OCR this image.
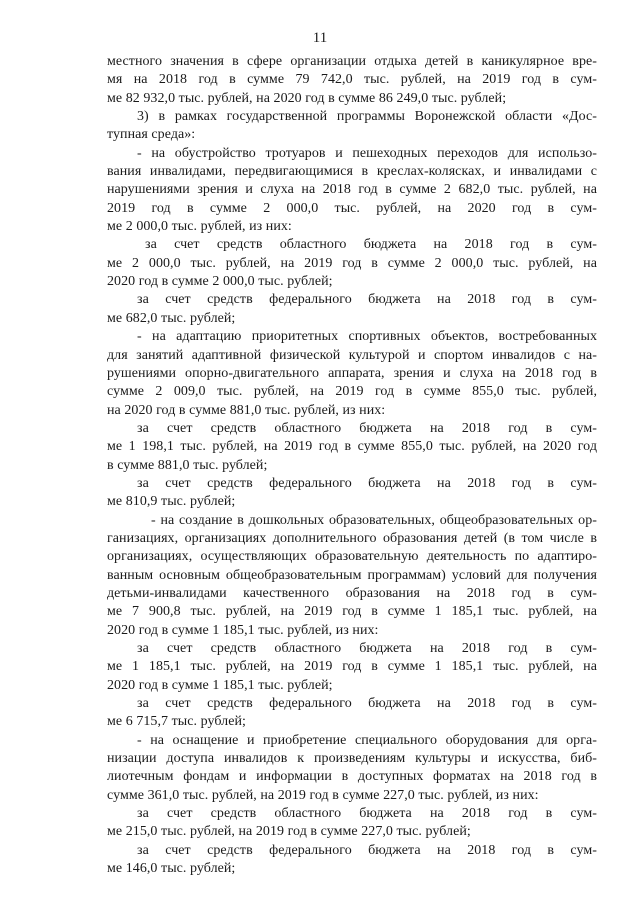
11

местного значения в сфере организации отдыха детей в каникулярное вре-
мя на 2018 год в сумме 79 742,0 тыс. рублей, на 2019 год в сум-
ме 82 932,0 тыс. рублей, на 2020 год в сумме 86 249,0 тыс. рублей;

3) в рамках государственной программы Воронежской области «Дос-
тупная среда»:

- на обустройство тротуаров и пешеходных переходов для использо-
вания инвалидами, передвигающимися в креслах-колясках, и инвалидами с
нарушениями зрения и слуха на 2018 год в сумме 2 682,0 тыс. рублей, на
2019 год в сумме 2 000,0 тыс. рублей, на 2020 год в сум-
ме 2 000,0 тыс. рублей, из них:

за счет средств областного бюджета на 2018 год в сум-
ме 2 000,0 тыс. рублей, на 2019 год в сумме 2 000,0 тыс. рублей, на
2020 год в сумме 2 000,0 тыс. рублей;

за счет средств федерального бюджета на 2018 год в сум-
ме 682,0 тыс. рублей;

- на адаптацию приоритетных спортивных объектов, востребованных
для занятий адаптивной физической культурой и спортом инвалидов с на-
рушениями опорно-двигательного аппарата, зрения и слуха на 2018 год в
сумме 2 009,0 тыс. рублей, на 2019 год в сумме 855,0 тыс. рублей,
на 2020 год в сумме 881,0 тыс. рублей, из них:

за счет средств областного бюджета на 2018 год в сум-
ме 1 198,1 тыс. рублей, на 2019 год в сумме 855,0 тыс. рублей, на 2020 год
в сумме 881,0 тыс. рублей;

за счет средств федерального бюджета на 2018 год в сум-
ме 810,9 тыс. рублей;

- на создание в дошкольных образовательных, общеобразовательных ор-
ганизациях, организациях дополнительного образования детей (в том числе в
организациях, осуществляющих образовательную деятельность по адаптиро-
ванным основным общеобразовательным программам) условий для получения
детьми-инвалидами качественного образования на 2018 год в сум-
ме 7 900,8 тыс. рублей, на 2019 год в сумме 1 185,1 тыс. рублей, на
2020 год в сумме 1 185,1 тыс. рублей, из них:

за счет средств областного бюджета на 2018 год в сум-
ме 1 185,1 тыс. рублей, на 2019 год в сумме 1 185,1 тыс. рублей, на
2020 год в сумме 1 185,1 тыс. рублей;

за счет средств федерального бюджета на 2018 год в сум-
ме 6 715,7 тыс. рублей;

- на оснащение и приобретение специального оборудования для орга-
низации доступа инвалидов к произведениям культуры и искусства, биб-
лиотечным фондам и информации в доступных форматах на 2018 год в
сумме 361,0 тыс. рублей, на 2019 год в сумме 227,0 тыс. рублей, из них:

за счет средств областного бюджета на 2018 год в сум-
ме 215,0 тыс. рублей, на 2019 год в сумме 227,0 тыс. рублей;

за счет средств федерального бюджета на 2018 год в сум-
ме 146,0 тыс. рублей;
